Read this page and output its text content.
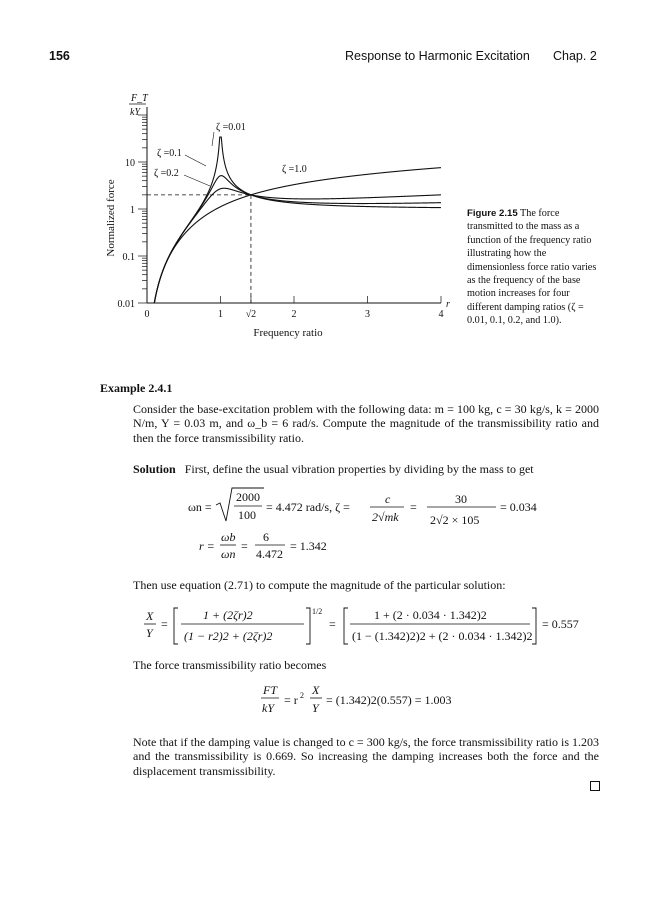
156	Response to Harmonic Excitation Chap. 2
0.01
0.1
1
10
0	1 √2	2	3	4
ζ =0.01
ζ =0.1
ζ =0.2	ζ =1.0
Normalized force
Frequency ratio
r
F_T
kY
Figure 2.15 The force transmitted to the mass as a function of the frequency ratio illustrating how the dimensionless force ratio varies as the frequency of the base motion increases for four different damping ratios (ζ = 0.01, 0.1, 0.2, and 1.0).
Example 2.4.1
Consider the base-excitation problem with the following data: m = 100 kg, c = 30 kg/s, k = 2000 N/m, Y = 0.03 m, and ω_b = 6 rad/s. Compute the magnitude of the transmissibility ratio and then the force transmissibility ratio.
Solution First, define the usual vibration properties by dividing by the mass to get
ωn =
2000
100
= 4.472 rad/s, ζ =
c
2√mk
=
30
2√2 × 105
= 0.034
r =
ωb
ωn
=
6
4.472
= 1.342
Then use equation (2.71) to compute the magnitude of the particular solution:
X
Y
=
1 + (2ζr)2
(1 − r2)2 + (2ζr)2
1/2
=
1 + (2 · 0.034 · 1.342)2
(1 − (1.342)2)2 + (2 · 0.034 · 1.342)2
= 0.557
The force transmissibility ratio becomes
FT
kY
= r 2 X
Y
= (1.342)2(0.557) = 1.003
Note that if the damping value is changed to c = 300 kg/s, the force transmissibility ratio is 1.203 and the transmissibility is 0.669. So increasing the damping increases both the force and the displacement transmissibility.
